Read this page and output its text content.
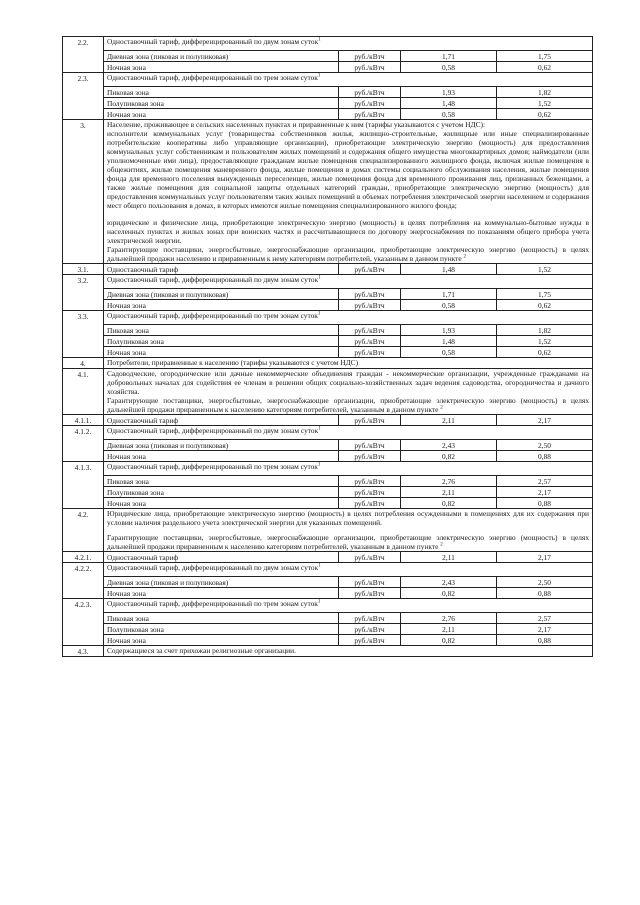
2.2.	Одноставочный тариф, дифференцированный по двум зонам суток$^1$
	Дневная зона (пиковая и полупиковая)	руб./кВтч	1,71	1,75
	Ночная зона	руб./кВтч	0,58	0,62
2.3.	Одноставочный тариф, дифференцированный по трем зонам суток$^1$
	Пиковая зона	руб./кВтч	1,93	1,82
	Полупиковая зона	руб./кВтч	1,48	1,52
	Ночная зона	руб./кВтч	0,58	0,62
3.	Население, проживающее в сельских населенных пунктах и приравненные к ним (тарифы указываются с учетом НДС):

исполнители коммунальных услуг (товарищества собственников жилья, жилищно-строительные, жилищные или иные специализированные потребительские кооперативы либо управляющие организации), приобретающие электрическую энергию (мощность) для предоставления коммунальных услуг собственникам и пользователям жилых помещений и содержания общего имущества многоквартирных домов; наймодатели (или уполномоченные ими лица), предоставляющие гражданам жилые помещения специализированного жилищного фонда, включая жилые помещения в общежитиях, жилые помещения маневренного фонда, жилые помещения в домах системы социального обслуживания населения, жилые помещения фонда для временного поселения вынужденных переселенцев, жилые помещения фонда для временного проживания лиц, признанных беженцами, а также жилые помещения для социальной защиты отдельных категорий граждан, приобретающие электрическую энергию (мощность) для предоставления коммунальных услуг пользователям таких жилых помещений в объемах потребления электрической энергии населением и содержания мест общего пользования в домах, в которых имеются жилые помещения специализированного жилого фонда;

юридические и физические лица, приобретающие электрическую энергию (мощность) в целях потребления на коммунально-бытовые нужды в населенных пунктах и жилых зонах при воинских частях и рассчитывающиеся по договору энергоснабжения по показаниям общего прибора учета электрической энергии.

Гарантирующие поставщики, энергосбытовые, энергоснабжающие организации, приобретающие электрическую энергию (мощность) в целях дальнейшей продажи населению и приравненным к нему категориям потребителей, указанным в данном пункте $^2$

3.1.	Одноставочный тариф	руб./кВтч	1,48	1,52
3.2.	Одноставочный тариф, дифференцированный по двум зонам суток$^1$
	Дневная зона (пиковая и полупиковая)	руб./кВтч	1,71	1,75
	Ночная зона	руб./кВтч	0,58	0,62
3.3.	Одноставочный тариф, дифференцированный по трем зонам суток$^1$
	Пиковая зона	руб./кВтч	1,93	1,82
	Полупиковая зона	руб./кВтч	1,48	1,52
	Ночная зона	руб./кВтч	0,58	0,62
4.	Потребители, приравненные к населению (тарифы указываются с учетом НДС)			
4.1.	Садоводческие, огороднические или дачные некоммерческие объединения граждан - некоммерческие организации, учрежденные гражданами на добровольных началах для содействия ее членам в решении общих социально-хозяйственных задач ведения садоводства, огородничества и дачного хозяйства.

Гарантирующие поставщики, энергосбытовые, энергоснабжающие организации, приобретающие электрическую энергию (мощность) в целях дальнейшей продажи приравненным к населению категориям потребителей, указанным в данном пункте $^2$

4.1.1.	Одноставочный тариф	руб./кВтч	2,11	2,17
4.1.2.	Одноставочный тариф, дифференцированный по двум зонам суток$^1$
	Дневная зона (пиковая и полупиковая)	руб./кВтч	2,43	2,50
	Ночная зона	руб./кВтч	0,82	0,88
4.1.3.	Одноставочный тариф, дифференцированный по трем зонам суток$^1$
	Пиковая зона	руб./кВтч	2,76	2,57
	Полупиковая зона	руб./кВтч	2,11	2,17
	Ночная зона	руб./кВтч	0,82	0,88
4.2.	Юридические лица, приобретающие электрическую энергию (мощность) в целях потребления осужденными в помещениях для их содержания при условии наличия раздельного учета электрической энергии для указанных помещений.

Гарантирующие поставщики, энергосбытовые, энергоснабжающие организации, приобретающие электрическую энергию (мощность) в целях дальнейшей продажи приравненным к населению категориям потребителей, указанным в данном пункте $^2$

4.2.1.	Одноставочный тариф	руб./кВтч	2,11	2,17
4.2.2.	Одноставочный тариф, дифференцированный по двум зонам суток$^1$
	Дневная зона (пиковая и полупиковая)	руб./кВтч	2,43	2,50
	Ночная зона	руб./кВтч	0,82	0,88
4.2.3.	Одноставочный тариф, дифференцированный по трем зонам суток$^1$
	Пиковая зона	руб./кВтч	2,76	2,57
	Полупиковая зона	руб./кВтч	2,11	2,17
	Ночная зона	руб./кВтч	0,82	0,88
4.3.	Содержащиеся за счет прихожан религиозные организации.			
